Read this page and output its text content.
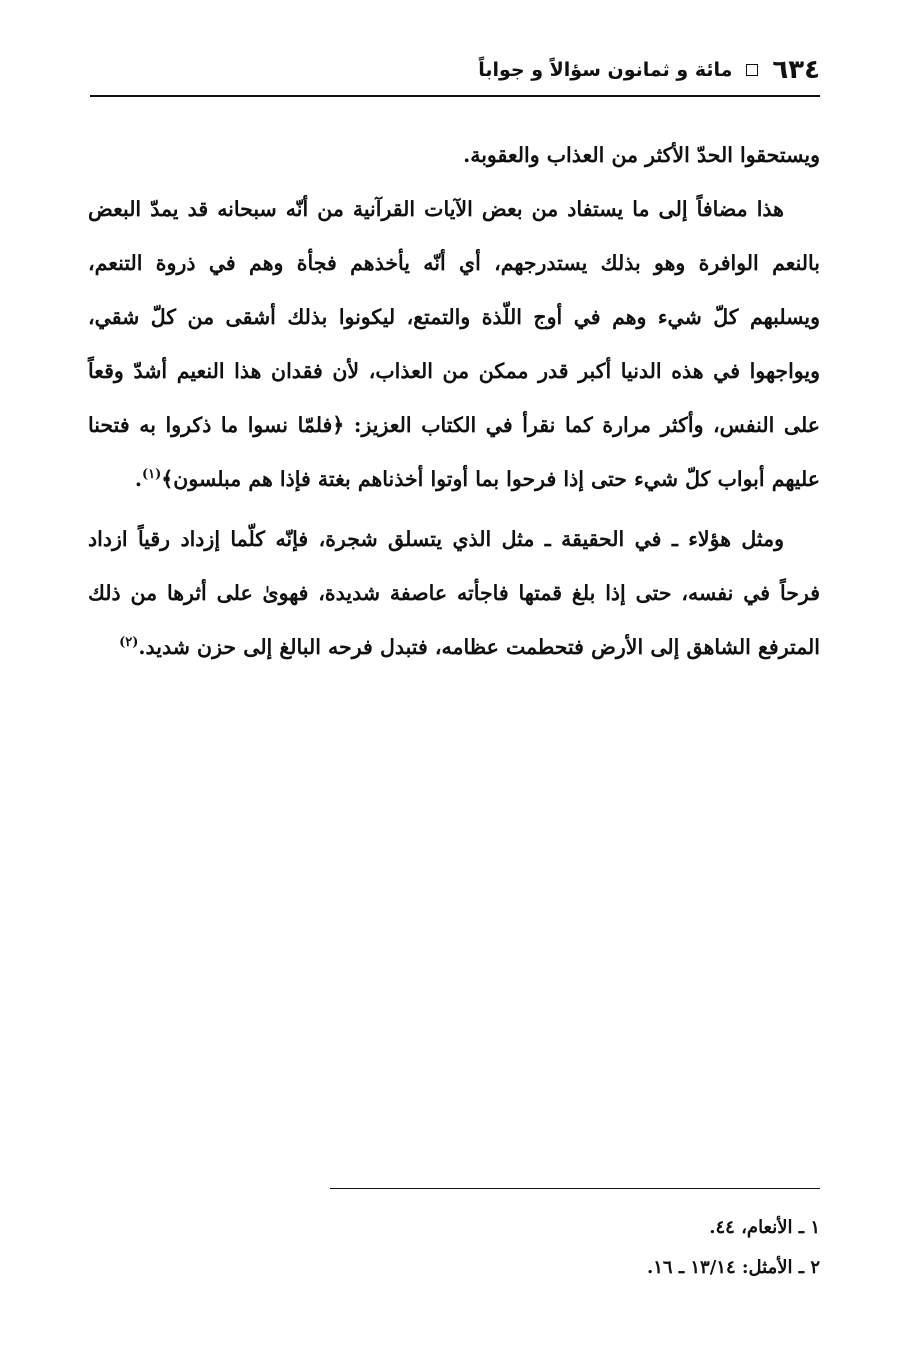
٦٣٤
مائة و ثمانون سؤالاً و جواباً

ويستحقوا الحدّ الأكثر من العذاب والعقوبة.

هذا مضافاً إلى ما يستفاد من بعض الآيات القرآنية من أنّه سبحانه قد يمدّ البعض بالنعم الوافرة وهو بذلك يستدرجهم، أي أنّه يأخذهم فجأة وهم في ذروة التنعم، ويسلبهم كلّ شيء وهم في أوج اللّذة والتمتع، ليكونوا بذلك أشقى من كلّ شقي، ويواجهوا في هذه الدنيا أكبر قدر ممكن من العذاب، لأن فقدان هذا النعيم أشدّ وقعاً على النفس، وأكثر مرارة كما نقرأ في الكتاب العزيز: ﴿فلمّا نسوا ما ذكروا به فتحنا عليهم أبواب كلّ شيء حتى إذا فرحوا بما أوتوا أخذناهم بغتة فإذا هم مبلسون﴾$^{(١)}$.

ومثل هؤلاء ـ في الحقيقة ـ مثل الذي يتسلق شجرة، فإنّه كلّما إزداد رقياً ازداد فرحاً في نفسه، حتى إذا بلغ قمتها فاجأته عاصفة شديدة، فهوىٰ على أثرها من ذلك المترفع الشاهق إلى الأرض فتحطمت عظامه، فتبدل فرحه البالغ إلى حزن شديد.$^{(٢)}$

١ ـ الأنعام، ٤٤.

٢ ـ الأمثل: ١٣/١٤ ـ ١٦.
